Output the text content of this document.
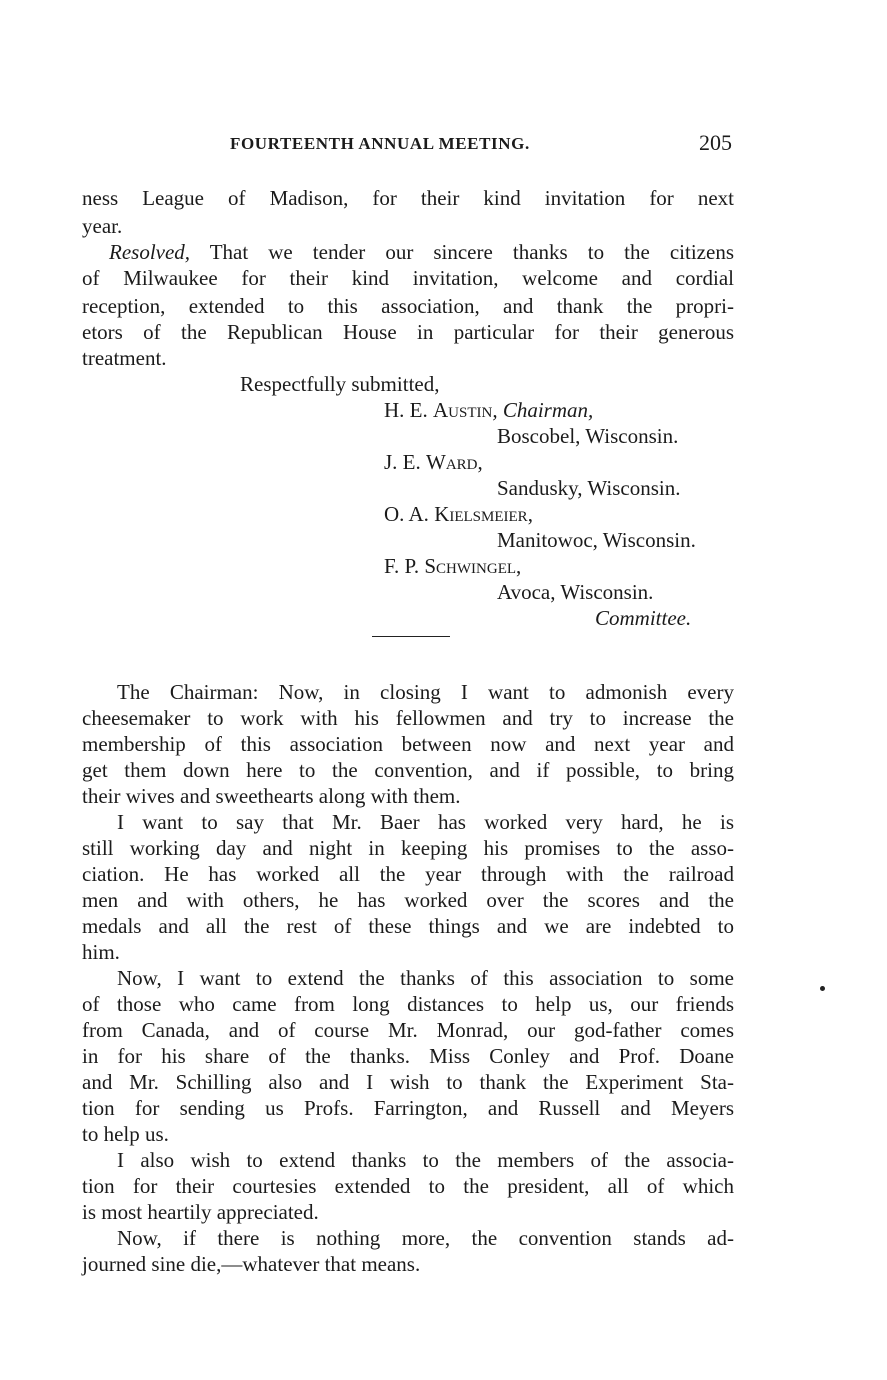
FOURTEENTH ANNUAL MEETING.	205
ness League of Madison, for their kind invitation for next
year.
Resolved, That we tender our sincere thanks to the citizens
of Milwaukee for their kind invitation, welcome and cordial
reception, extended to this association, and thank the propri-
etors of the Republican House in particular for their generous
treatment.
Respectfully submitted,
H. E. Austin, Chairman,
Boscobel, Wisconsin.
J. E. Ward,
Sandusky, Wisconsin.
O. A. Kielsmeier,
Manitowoc, Wisconsin.
F. P. Schwingel,
Avoca, Wisconsin.
Committee.
The Chairman: Now, in closing I want to admonish every
cheesemaker to work with his fellowmen and try to increase the
membership of this association between now and next year and
get them down here to the convention, and if possible, to bring
their wives and sweethearts along with them.
I want to say that Mr. Baer has worked very hard, he is
still working day and night in keeping his promises to the asso-
ciation. He has worked all the year through with the railroad
men and with others, he has worked over the scores and the
medals and all the rest of these things and we are indebted to
him.
Now, I want to extend the thanks of this association to some
of those who came from long distances to help us, our friends
from Canada, and of course Mr. Monrad, our god-father comes
in for his share of the thanks. Miss Conley and Prof. Doane
and Mr. Schilling also and I wish to thank the Experiment Sta-
tion for sending us Profs. Farrington, and Russell and Meyers
to help us.
I also wish to extend thanks to the members of the associa-
tion for their courtesies extended to the president, all of which
is most heartily appreciated.
Now, if there is nothing more, the convention stands ad-
journed sine die,—whatever that means.
